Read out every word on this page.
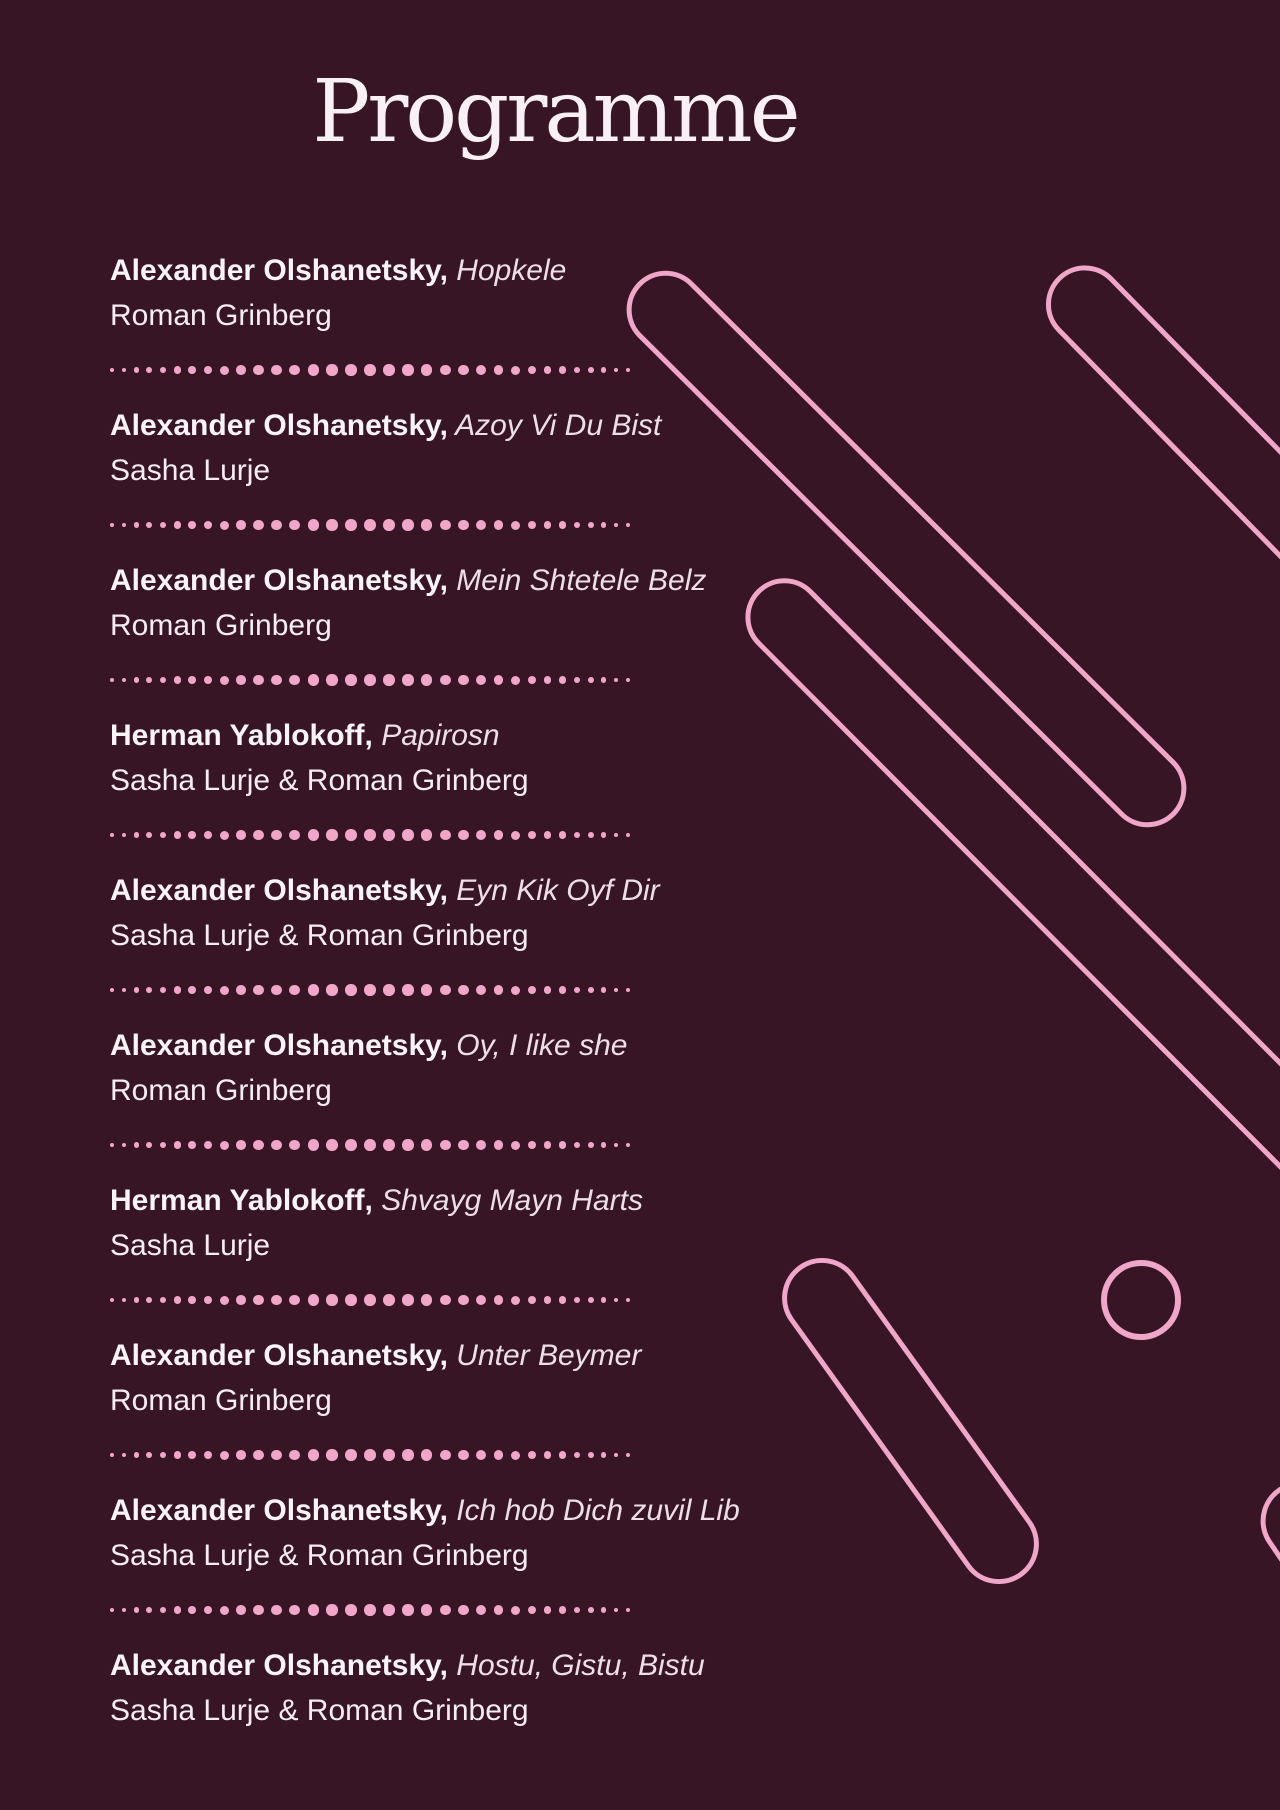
Programme
Alexander Olshanetsky, Hopkele
Roman Grinberg
Alexander Olshanetsky, Azoy Vi Du Bist
Sasha Lurje
Alexander Olshanetsky, Mein Shtetele Belz
Roman Grinberg
Herman Yablokoff, Papirosn
Sasha Lurje & Roman Grinberg
Alexander Olshanetsky, Eyn Kik Oyf Dir
Sasha Lurje & Roman Grinberg
Alexander Olshanetsky, Oy, I like she
Roman Grinberg
Herman Yablokoff, Shvayg Mayn Harts
Sasha Lurje
Alexander Olshanetsky, Unter Beymer
Roman Grinberg
Alexander Olshanetsky, Ich hob Dich zuvil Lib
Sasha Lurje & Roman Grinberg
Alexander Olshanetsky, Hostu, Gistu, Bistu
Sasha Lurje & Roman Grinberg
